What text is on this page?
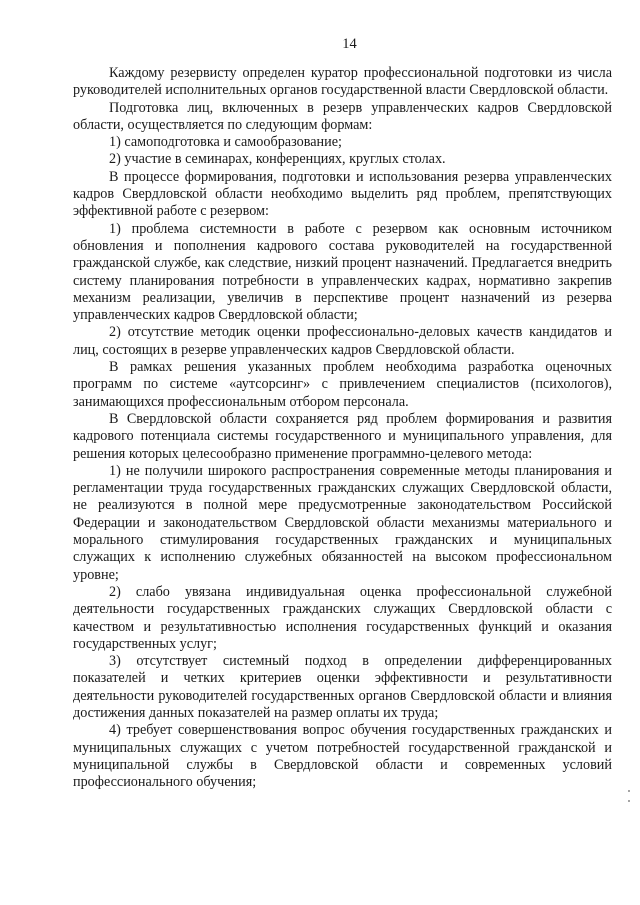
14

Каждому резервисту определен куратор профессиональной подготовки из числа руководителей исполнительных органов государственной власти Свердловской области.

Подготовка лиц, включенных в резерв управленческих кадров Свердловской области, осуществляется по следующим формам:

1) самоподготовка и самообразование;

2) участие в семинарах, конференциях, круглых столах.

В процессе формирования, подготовки и использования резерва управленческих кадров Свердловской области необходимо выделить ряд проблем, препятствующих эффективной работе с резервом:

1) проблема системности в работе с резервом как основным источником обновления и пополнения кадрового состава руководителей на государственной гражданской службе, как следствие, низкий процент назначений. Предлагается внедрить систему планирования потребности в управленческих кадрах, нормативно закрепив механизм реализации, увеличив в перспективе процент назначений из резерва управленческих кадров Свердловской области;

2) отсутствие методик оценки профессионально-деловых качеств кандидатов и лиц, состоящих в резерве управленческих кадров Свердловской области.

В рамках решения указанных проблем необходима разработка оценочных программ по системе «аутсорсинг» с привлечением специалистов (психологов), занимающихся профессиональным отбором персонала.

В Свердловской области сохраняется ряд проблем формирования и развития кадрового потенциала системы государственного и муниципального управления, для решения которых целесообразно применение программно-целевого метода:

1) не получили широкого распространения современные методы планирования и регламентации труда государственных гражданских служащих Свердловской области, не реализуются в полной мере предусмотренные законодательством Российской Федерации и законодательством Свердловской области механизмы материального и морального стимулирования государственных гражданских и муниципальных служащих к исполнению служебных обязанностей на высоком профессиональном уровне;

2) слабо увязана индивидуальная оценка профессиональной служебной деятельности государственных гражданских служащих Свердловской области с качеством и результативностью исполнения государственных функций и оказания государственных услуг;

3) отсутствует системный подход в определении дифференцированных показателей и четких критериев оценки эффективности и результативности деятельности руководителей государственных органов Свердловской области и влияния достижения данных показателей на размер оплаты их труда;

4) требует совершенствования вопрос обучения государственных гражданских и муниципальных служащих с учетом потребностей государственной гражданской и муниципальной службы в Свердловской области и современных условий профессионального обучения;
